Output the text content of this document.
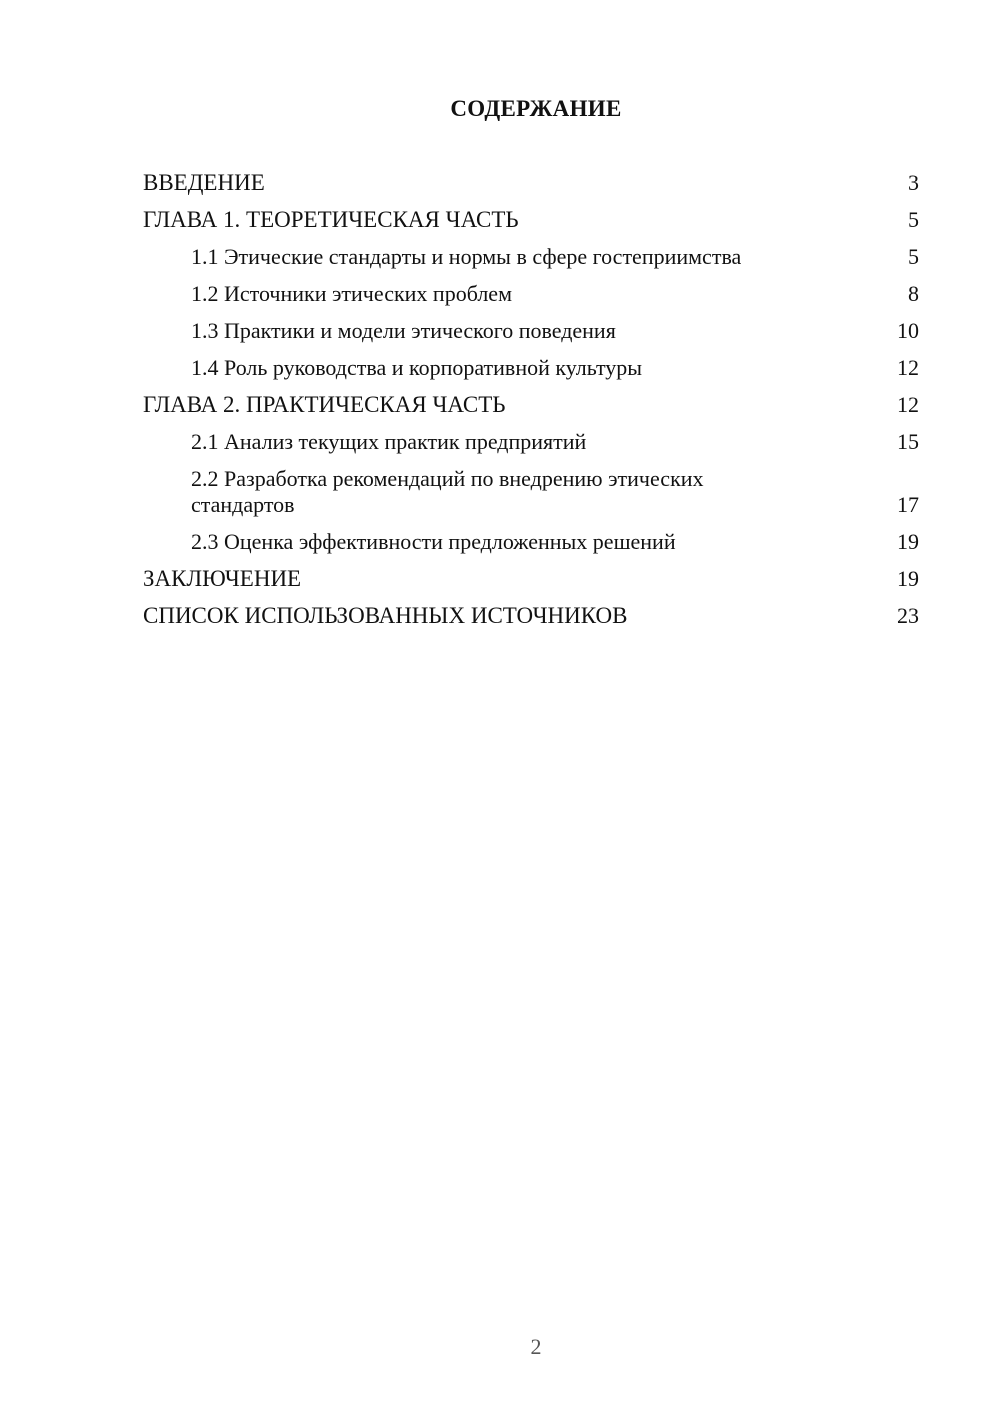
СОДЕРЖАНИЕ
ВВЕДЕНИЕ	3
ГЛАВА 1. ТЕОРЕТИЧЕСКАЯ ЧАСТЬ	5
1.1 Этические стандарты и нормы в сфере гостеприимства	5
1.2 Источники этических проблем	8
1.3 Практики и модели этического поведения	10
1.4 Роль руководства и корпоративной культуры	12
ГЛАВА 2. ПРАКТИЧЕСКАЯ ЧАСТЬ	12
2.1 Анализ текущих практик предприятий	15
2.2 Разработка рекомендаций по внедрению этических стандартов	17
2.3 Оценка эффективности предложенных решений	19
ЗАКЛЮЧЕНИЕ	19
СПИСОК ИСПОЛЬЗОВАННЫХ ИСТОЧНИКОВ	23
2
